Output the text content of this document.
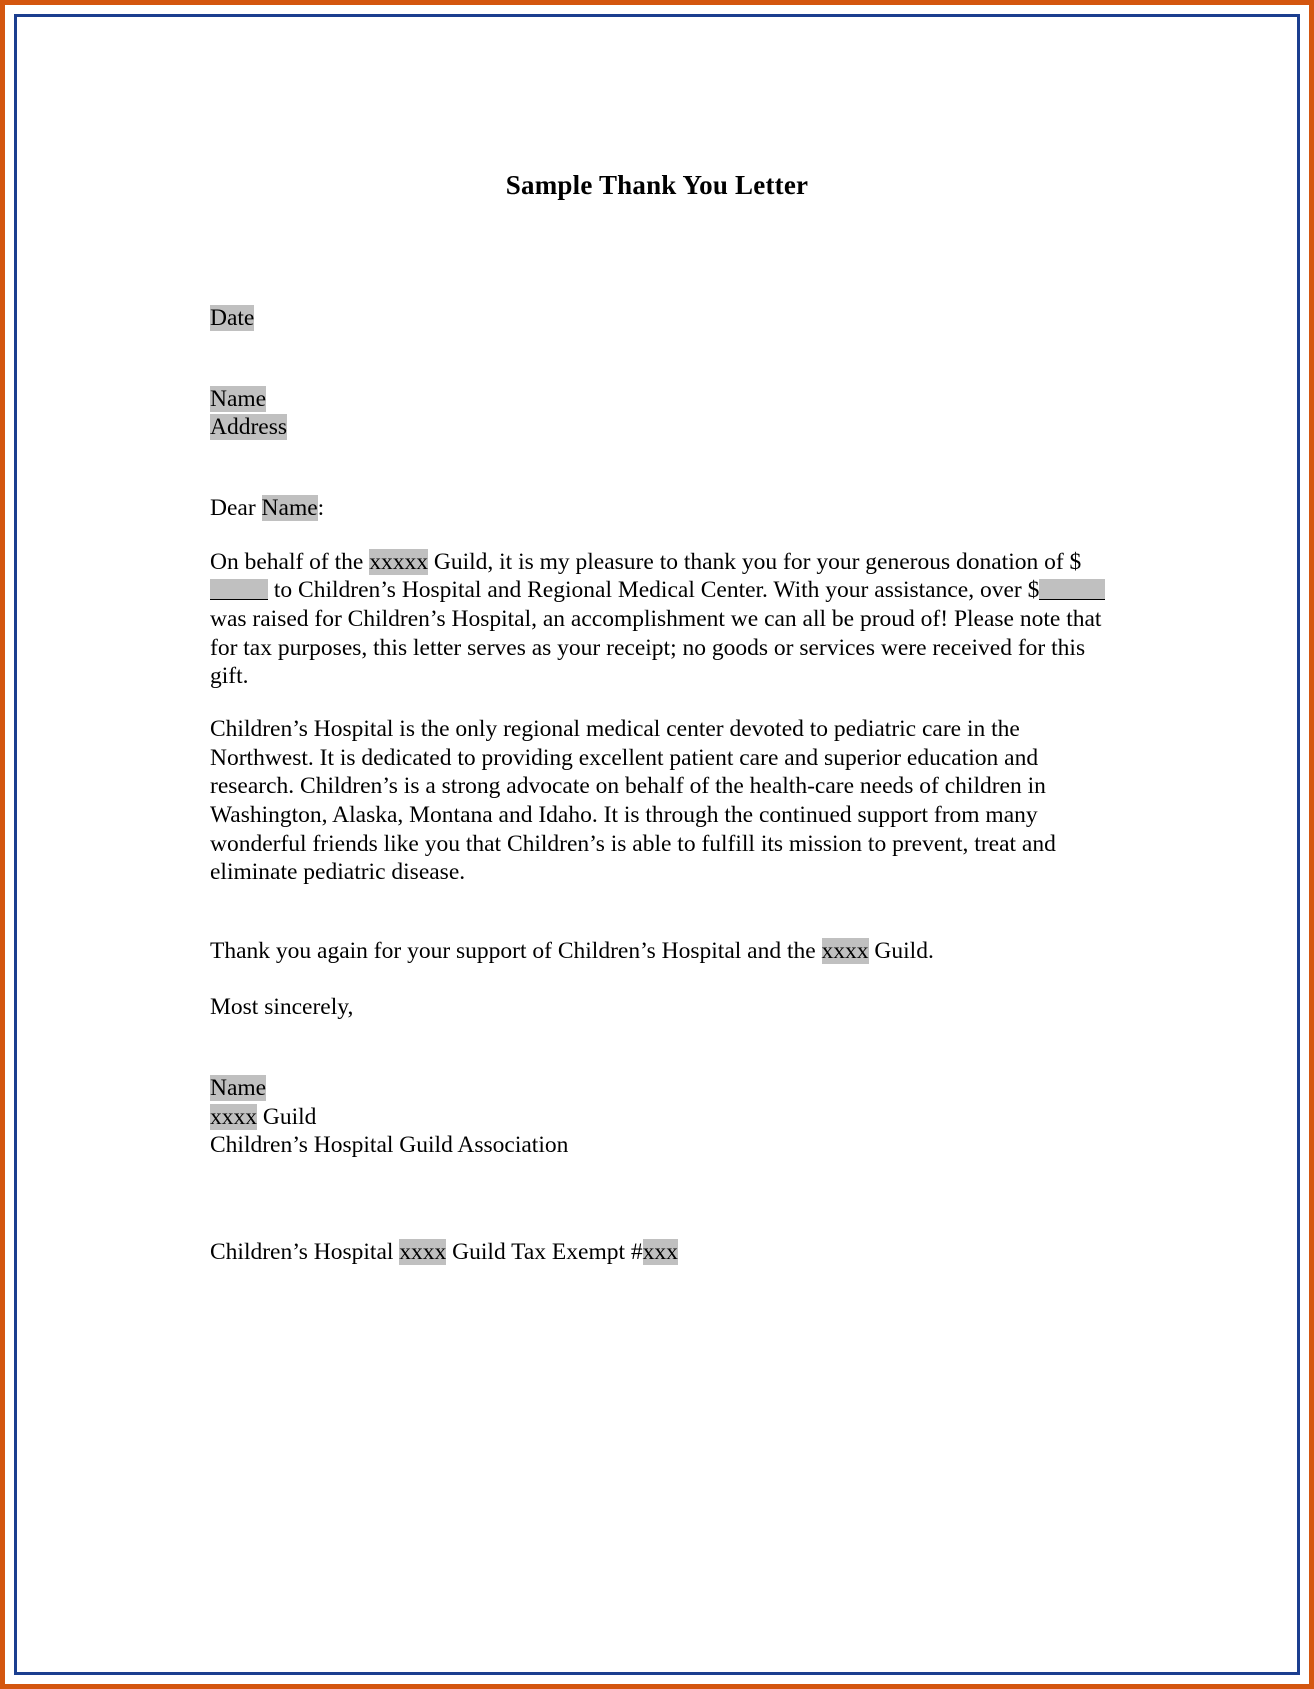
Sample Thank You Letter
Date
Name
Address
Dear Name:
On behalf of the xxxxx Guild, it is my pleasure to thank you for your generous donation of $ to Children’s Hospital and Regional Medical Center. With your assistance, over $ was raised for Children’s Hospital, an accomplishment we can all be proud of! Please note that for tax purposes, this letter serves as your receipt; no goods or services were received for this gift.
Children’s Hospital is the only regional medical center devoted to pediatric care in the Northwest. It is dedicated to providing excellent patient care and superior education and research. Children’s is a strong advocate on behalf of the health-care needs of children in Washington, Alaska, Montana and Idaho. It is through the continued support from many wonderful friends like you that Children’s is able to fulfill its mission to prevent, treat and eliminate pediatric disease.
Thank you again for your support of Children’s Hospital and the xxxx Guild.
Most sincerely,
Name
xxxx Guild
Children’s Hospital Guild Association
Children’s Hospital xxxx Guild Tax Exempt #xxx
